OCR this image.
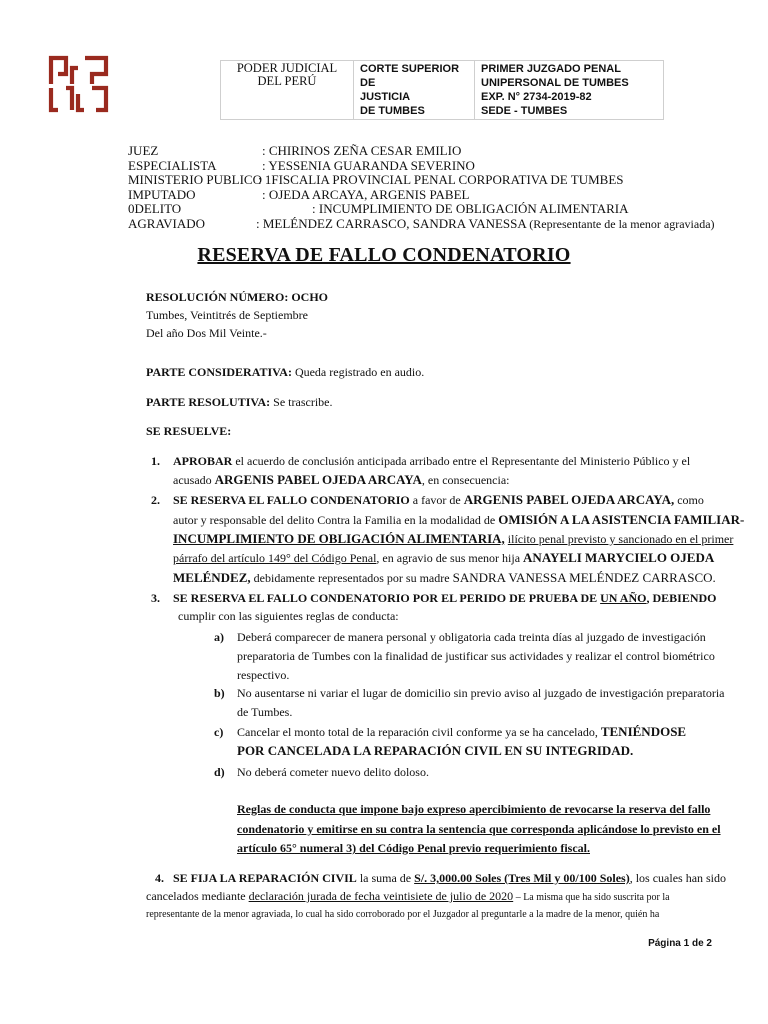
PODER JUDICIAL
DEL PERÚ

CORTE SUPERIOR DE
JUSTICIA
DE TUMBES

PRIMER JUZGADO PENAL
UNIPERSONAL DE TUMBES
EXP. N° 2734-2019-82
SEDE - TUMBES
JUEZ	: CHIRINOS ZEÑA CESAR EMILIO
ESPECIALISTA	: YESSENIA GUARANDA SEVERINO
MINISTERIO PUBLICO
: 1FISCALIA PROVINCIAL PENAL CORPORATIVA DE TUMBES
IMPUTADO	: OJEDA ARCAYA, ARGENIS PABEL
0DELITO	: INCUMPLIMIENTO DE OBLIGACIÓN ALIMENTARIA
AGRAVIADO	: MELÉNDEZ CARRASCO, SANDRA VANESSA (Representante de la menor agraviada)
RESERVA DE FALLO CONDENATORIO
RESOLUCIÓN NÚMERO: OCHO
Tumbes, Veintitrés de Septiembre
Del año Dos Mil Veinte.-
PARTE CONSIDERATIVA: Queda registrado en audio.
PARTE RESOLUTIVA: Se trascribe.
SE RESUELVE:
1. APROBAR el acuerdo de conclusión anticipada arribado entre el Representante del Ministerio Público y el
acusado ARGENIS PABEL OJEDA ARCAYA, en consecuencia:
2. SE RESERVA EL FALLO CONDENATORIO a favor de ARGENIS PABEL OJEDA ARCAYA, como
autor y responsable del delito Contra la Familia en la modalidad de OMISIÓN A LA ASISTENCIA FAMILIAR-
INCUMPLIMIENTO DE OBLIGACIÓN ALIMENTARIA, ilícito penal previsto y sancionado en el primer
párrafo del artículo 149° del Código Penal, en agravio de sus menor hija ANAYELI MARYCIELO OJEDA
MELÉNDEZ, debidamente representados por su madre SANDRA VANESSA MELÉNDEZ CARRASCO.
3. SE RESERVA EL FALLO CONDENATORIO POR EL PERIDO DE PRUEBA DE UN AÑO, DEBIENDO
cumplir con las siguientes reglas de conducta:
a) Deberá comparecer de manera personal y obligatoria cada treinta días al juzgado de investigación
preparatoria de Tumbes con la finalidad de justificar sus actividades y realizar el control biométrico
respectivo.
b) No ausentarse ni variar el lugar de domicilio sin previo aviso al juzgado de investigación preparatoria
de Tumbes.
c) Cancelar el monto total de la reparación civil conforme ya se ha cancelado, TENIÉNDOSE
POR CANCELADA LA REPARACIÓN CIVIL EN SU INTEGRIDAD.
d) No deberá cometer nuevo delito doloso.
Reglas de conducta que impone bajo expreso apercibimiento de revocarse la reserva del fallo
condenatorio y emitirse en su contra la sentencia que corresponda aplicándose lo previsto en el
artículo 65° numeral 3) del Código Penal previo requerimiento fiscal.
4. SE FIJA LA REPARACIÓN CIVIL la suma de S/. 3,000.00 Soles (Tres Mil y 00/100 Soles), los cuales han sido
cancelados mediante declaración jurada de fecha veintisiete de julio de 2020 – La misma que ha sido suscrita por la
representante de la menor agraviada, lo cual ha sido corroborado por el Juzgador al preguntarle a la madre de la menor, quién ha
Página 1 de 2
